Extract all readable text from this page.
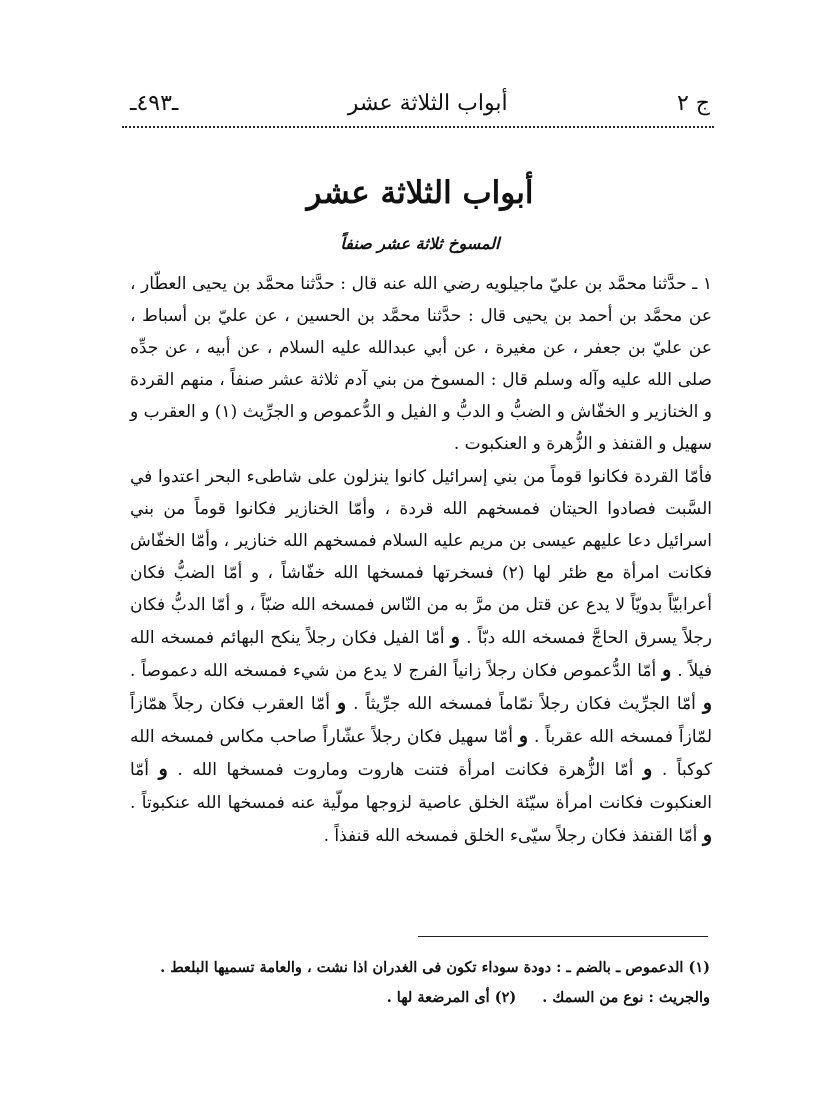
ج ٢
أبواب الثلاثة عشر
ـ٤٩٣ـ
أبواب الثلاثة عشر
المسوخ ثلاثة عشر صنفاً

١ ـ حدَّثنا محمَّد بن عليّ ماجيلويه رضي الله عنه قال : حدَّثنا محمَّد بن يحيى العطّار ، عن محمَّد بن أحمد بن يحيى قال : حدَّثنا محمَّد بن الحسين ، عن عليّ بن أسباط ، عن عليّ بن جعفر ، عن مغيرة ، عن أبي عبدالله عليه السلام ، عن أبيه ، عن جدِّه صلى الله عليه وآله وسلم قال : المسوخ من بني آدم ثلاثة عشر صنفاً ، منهم القردة و الخنازير و الخفّاش و الضبُّ و الدبُّ و الفيل و الدُّعموص و الجرِّيث (١) و العقرب و سهيل و القنفذ و الزُّهرة و العنكبوت .

فأمّا القردة فكانوا قوماً من بني إسرائيل كانوا ينزلون على شاطىء البحر اعتدوا في السَّبت فصادوا الحيتان فمسخهم الله قردة ، وأمّا الخنازير فكانوا قوماً من بني اسرائيل دعا عليهم عيسى بن مريم عليه السلام فمسخهم الله خنازير ، وأمّا الخفّاش فكانت امرأة مع ظئر لها (٢) فسخرتها فمسخها الله خفّاشاً ، و أمّا الضبُّ فكان أعرابيّاً بدويّاً لا يدع عن قتل من مرَّ به من النّاس فمسخه الله ضبّاً ، و أمّا الدبُّ فكان رجلاً يسرق الحاجَّ فمسخه الله دبّاً . و أمّا الفيل فكان رجلاً ينكح البهائم فمسخه الله فيلاً . و أمّا الدُّعموص فكان رجلاً زانياً الفرج لا يدع من شيء فمسخه الله دعموصاً . و أمّا الجرِّيث فكان رجلاً نمّاماً فمسخه الله جرِّيثاً . و أمّا العقرب فكان رجلاً همّازاً لمّازاً فمسخه الله عقرباً . و أمّا سهيل فكان رجلاً عشّاراً صاحب مكاس فمسخه الله كوكباً . و أمّا الزُّهرة فكانت امرأة فتنت هاروت وماروت فمسخها الله . و أمّا العنكبوت فكانت امرأة سيّئة الخلق عاصية لزوجها مولّية عنه فمسخها الله عنكبوتاً . و أمّا القنفذ فكان رجلاً سيّىء الخلق فمسخه الله قنفذاً .

(١) الدعموص ـ بالضم ـ : دودة سوداء تكون فى الغدران اذا نشت ، والعامة تسميها البلعط . والجريث : نوع من السمك .(٢) أى المرضعة لها .
